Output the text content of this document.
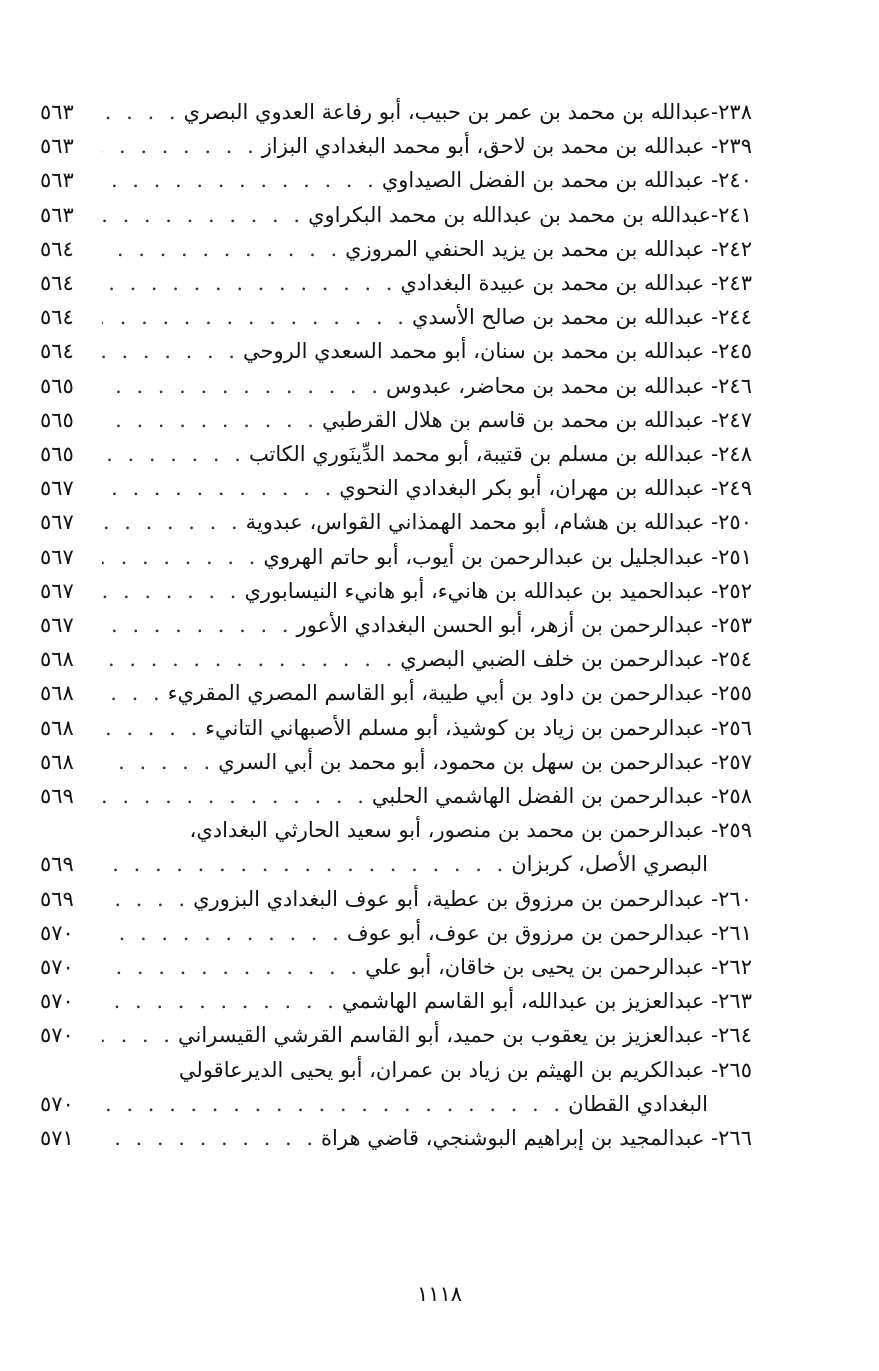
٢٣٨-عبدالله بن محمد بن عمر بن حبيب، أبو رفاعة العدوي البصري
. . .
٥٦٣
٢٣٩- عبدالله بن محمد بن لاحق، أبو محمد البغدادي البزاز
. . .
٥٦٣
٢٤٠- عبدالله بن محمد بن الفضل الصيداوي
. . .
٥٦٣
٢٤١-عبدالله بن محمد بن عبدالله بن محمد البكراوي
. . .
٥٦٣
٢٤٢- عبدالله بن محمد بن يزيد الحنفي المروزي
. . .
٥٦٤
٢٤٣- عبدالله بن محمد بن عبيدة البغدادي
. . .
٥٦٤
٢٤٤- عبدالله بن محمد بن صالح الأسدي
. . .
٥٦٤
٢٤٥- عبدالله بن محمد بن سنان، أبو محمد السعدي الروحي
. . .
٥٦٤
٢٤٦- عبدالله بن محمد بن محاضر، عبدوس
. . .
٥٦٥
٢٤٧- عبدالله بن محمد بن قاسم بن هلال القرطبي
. . .
٥٦٥
٢٤٨- عبدالله بن مسلم بن قتيبة، أبو محمد الدِّينَوري الكاتب
. . .
٥٦٥
٢٤٩- عبدالله بن مهران، أبو بكر البغدادي النحوي
. . .
٥٦٧
٢٥٠- عبدالله بن هشام، أبو محمد الهمذاني القواس، عبدوية
. . .
٥٦٧
٢٥١- عبدالجليل بن عبدالرحمن بن أيوب، أبو حاتم الهروي
. . .
٥٦٧
٢٥٢- عبدالحميد بن عبدالله بن هانيء، أبو هانيء النيسابوري
. . .
٥٦٧
٢٥٣- عبدالرحمن بن أزهر، أبو الحسن البغدادي الأعور
. . .
٥٦٧
٢٥٤- عبدالرحمن بن خلف الضبي البصري
. . .
٥٦٨
٢٥٥- عبدالرحمن بن داود بن أبي طيبة، أبو القاسم المصري المقريء
. . .
٥٦٨
٢٥٦- عبدالرحمن بن زياد بن كوشيذ، أبو مسلم الأصبهاني التانيء
. . .
٥٦٨
٢٥٧- عبدالرحمن بن سهل بن محمود، أبو محمد بن أبي السري
. . .
٥٦٨
٢٥٨- عبدالرحمن بن الفضل الهاشمي الحلبي
. . .
٥٦٩
٢٥٩- عبدالرحمن بن محمد بن منصور، أبو سعيد الحارثي البغدادي،
البصري الأصل، كربزان
. . .
٥٦٩
٢٦٠- عبدالرحمن بن مرزوق بن عطية، أبو عوف البغدادي البزوري
. . .
٥٦٩
٢٦١- عبدالرحمن بن مرزوق بن عوف، أبو عوف
. . .
٥٧٠
٢٦٢- عبدالرحمن بن يحيى بن خاقان، أبو علي
. . .
٥٧٠
٢٦٣- عبدالعزيز بن عبدالله، أبو القاسم الهاشمي
. . .
٥٧٠
٢٦٤- عبدالعزيز بن يعقوب بن حميد، أبو القاسم القرشي القيسراني
. . .
٥٧٠
٢٦٥- عبدالكريم بن الهيثم بن زياد بن عمران، أبو يحيى الديرعاقولي
البغدادي القطان
. . .
٥٧٠
٢٦٦- عبدالمجيد بن إبراهيم البوشنجي، قاضي هراة
. . .
٥٧١
١١١٨
